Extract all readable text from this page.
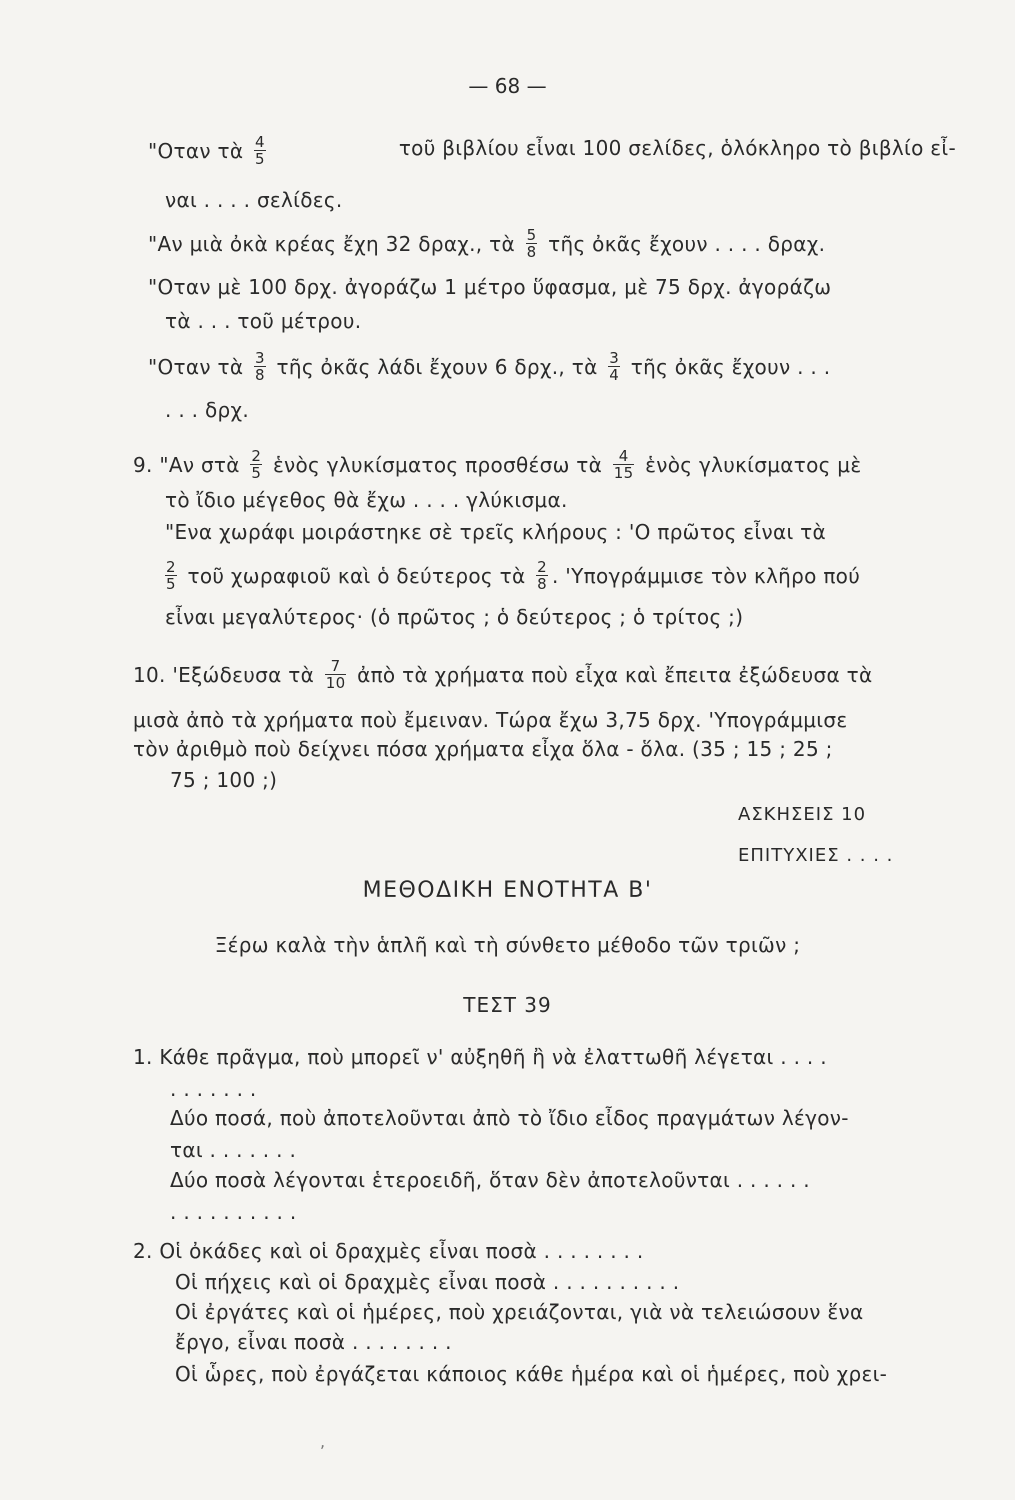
— 68 —
"Οταν τὰ $\frac{4}{5}$	τοῦ βιβλίου εἶναι 100 σελίδες, ὁλόκληρο τὸ βιβλίο εἶ-
ναι . . . . σελίδες.
"Αν μιὰ ὀκὰ κρέας ἔχη 32 δραχ., τὰ $\frac{5}{8}$ τῆς ὀκᾶς ἔχουν . . . . δραχ.
"Οταν μὲ 100 δρχ. ἀγοράζω 1 μέτρο ὕφασμα, μὲ 75 δρχ. ἀγοράζω
τὰ . . . τοῦ μέτρου.
"Οταν τὰ $\frac{3}{8}$ τῆς ὀκᾶς λάδι ἔχουν 6 δρχ., τὰ $\frac{3}{4}$ τῆς ὀκᾶς ἔχουν . . .
. . . δρχ.
9. "Αν στὰ $\frac{2}{5}$ ἑνὸς γλυκίσματος προσθέσω τὰ $\frac{4}{15}$ ἑνὸς γλυκίσματος μὲ
τὸ ἴδιο μέγεθος θὰ ἔχω . . . . γλύκισμα.
"Ενα χωράφι μοιράστηκε σὲ τρεῖς κλήρους : 'Ο πρῶτος εἶναι τὰ
$\frac{2}{5}$ τοῦ χωραφιοῦ καὶ ὁ δεύτερος τὰ $\frac{2}{8}$ . 'Υπογράμμισε τὸν κλῆρο πού
εἶναι μεγαλύτερος· (ὁ πρῶτος ; ὁ δεύτερος ; ὁ τρίτος ;)
10. 'Εξώδευσα τὰ $\frac{7}{10}$ ἀπὸ τὰ χρήματα ποὺ εἶχα καὶ ἔπειτα ἐξώδευσα τὰ
μισὰ ἀπὸ τὰ χρήματα ποὺ ἔμειναν. Τώρα ἔχω 3,75 δρχ. 'Υπογράμμισε
τὸν ἀριθμὸ ποὺ δείχνει πόσα χρήματα εἶχα ὅλα - ὅλα. (35 ; 15 ; 25 ;
75 ; 100 ;)
ΑΣΚΗΣΕΙΣ 10
ΕΠΙΤΥΧΙΕΣ . . . .
ΜΕΘΟΔΙΚΗ ΕΝΟΤΗΤΑ Β'
Ξέρω καλὰ τὴν ἁπλῆ καὶ τὴ σύνθετο μέθοδο τῶν τριῶν ;
ΤΕΣΤ 39
1. Κάθε πρᾶγμα, ποὺ μπορεῖ ν' αὐξηθῆ ἢ νὰ ἐλαττωθῆ λέγεται . . . .
. . . . . . .
Δύο ποσά, ποὺ ἀποτελοῦνται ἀπὸ τὸ ἴδιο εἶδος πραγμάτων λέγον-
ται . . . . . . .
Δύο ποσὰ λέγονται ἑτεροειδῆ, ὅταν δὲν ἀποτελοῦνται . . . . . .
. . . . . . . . . .
2. Οἱ ὀκάδες καὶ οἱ δραχμὲς εἶναι ποσὰ . . . . . . . .
Οἱ πήχεις καὶ οἱ δραχμὲς εἶναι ποσὰ . . . . . . . . . .
Οἱ ἐργάτες καὶ οἱ ἡμέρες, ποὺ χρειάζονται, γιὰ νὰ τελειώσουν ἕνα
ἔργο, εἶναι ποσὰ . . . . . . . .
Οἱ ὧρες, ποὺ ἐργάζεται κάποιος κάθε ἡμέρα καὶ οἱ ἡμέρες, ποὺ χρει-
,
